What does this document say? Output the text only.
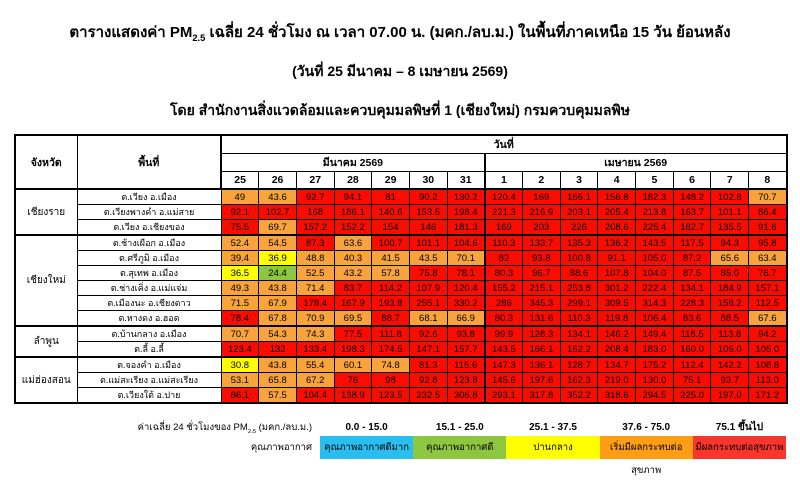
ตารางแสดงค่า $PM_{2.5}$ เฉลี่ย 24 ชั่วโมง ณ เวลา 07.00 น. (มคก./ลบ.ม.) ในพื้นที่ภาคเหนือ 15 วัน ย้อนหลัง
(วันที่ 25 มีนาคม – 8 เมษายน 2569)
โดย สำนักงานสิ่งแวดล้อมและควบคุมมลพิษที่ 1 (เชียงใหม่) กรมควบคุมมลพิษ
จังหวัด	พื้นที่	วันที่														
		มีนาคม 2569							เมษายน 2569							
		25	26	27	28	29	30	31	1	2	3	4	5	6	7	8
เชียงราย	ต.เวียง อ.เมือง	49	43.6	92.7	94.1	81	90.2	130.2	120.4	169	166.1	156.8	182.3	148.2	102.8	70.7
	ต.เวียงพางคำ อ.แม่สาย	92.1	102.7	168	186.1	140.6	153.5	198.4	221.3	216.9	203.1	205.4	213.8	163.7	101.1	86.4
	ต.เวียง อ.เชียงของ	75.5	69.7	157.2	152.2	154	146	181.3	169	203	226	208.6	225.4	182.7	135.5	91.6
เชียงใหม่	ต.ช้างเผือก อ.เมือง	52.4	54.5	87.3	63.6	100.7	101.1	104.6	110.3	133.7	135.3	136.2	143.5	117.5	94.3	95.8
	ต.ศรีภูมิ อ.เมือง	39.4	36.9	48.8	40.3	41.5	43.5	70.1	82	93.8	100.8	91.1	105.0	87.2	65.6	63.4
	ต.สุเทพ อ.เมือง	36.5	24.4	52.5	43.2	57.8	75.8	78.1	80.3	96.7	88.6	107.8	104.0	87.5	85.0	76.7
	ต.ช่างเคิ่ง อ.แม่แจ่ม	49.3	43.8	71.4	83.7	114.2	107.9	120.4	155.2	215.1	253.8	301.2	222.4	134.1	184.9	157.1
	ต.เมืองนะ อ.เชียงดาว	71.5	67.9	178.4	167.9	193.8	255.1	330.2	286	345.3	299.1	309.5	314.3	228.3	158.2	112.5
	ต.หางดง อ.ฮอด	78.4	67.8	70.9	69.5	88.7	68.1	66.9	80.3	131.6	110.3	119.8	106.4	83.6	88.5	67.6
ลำพูน	ต.บ้านกลาง อ.เมือง	70.7	54.3	74.3	77.5	111.8	92.6	93.8	99.9	128.3	134.1	146.2	149.4	118.5	113.8	94.2
	ต.ลี้ อ.ลี้	123.4	132	133.4	198.3	174.5	147.1	157.7	143.5	166.1	162.2	208.4	183.0	160.0	106.0	105.0
แม่ฮ่องสอน	ต.จองคำ อ.เมือง	30.8	43.8	55.4	60.1	74.8	81.3	115.6	147.3	136.1	128.7	134.7	175.2	112.4	142.2	108.8
	ต.แม่สะเรียง อ.แม่สะเรียง	53.1	65.8	67.2	76	98	92.8	123.8	145.6	197.6	162.3	219.0	130.0	75.1	93.7	113.0
	ต.เวียงใต้ อ.ปาย	86.1	57.5	104.4	138.9	123.5	232.5	306.8	293.1	317.8	352.2	318.6	294.5	225.0	197.0	171.2
ค่าเฉลี่ย 24 ชั่วโมงของ $PM_{2.5}$ (มคก./ลบ.ม.)
คุณภาพอากาศ
0.0 - 15.0
คุณภาพอากาศดีมาก
15.1 - 25.0
คุณภาพอากาศดี
25.1 - 37.5
ปานกลาง
37.6 - 75.0
เริ่มมีผลกระทบต่อสุขภาพ
75.1 ขึ้นไป
มีผลกระทบต่อสุขภาพ
